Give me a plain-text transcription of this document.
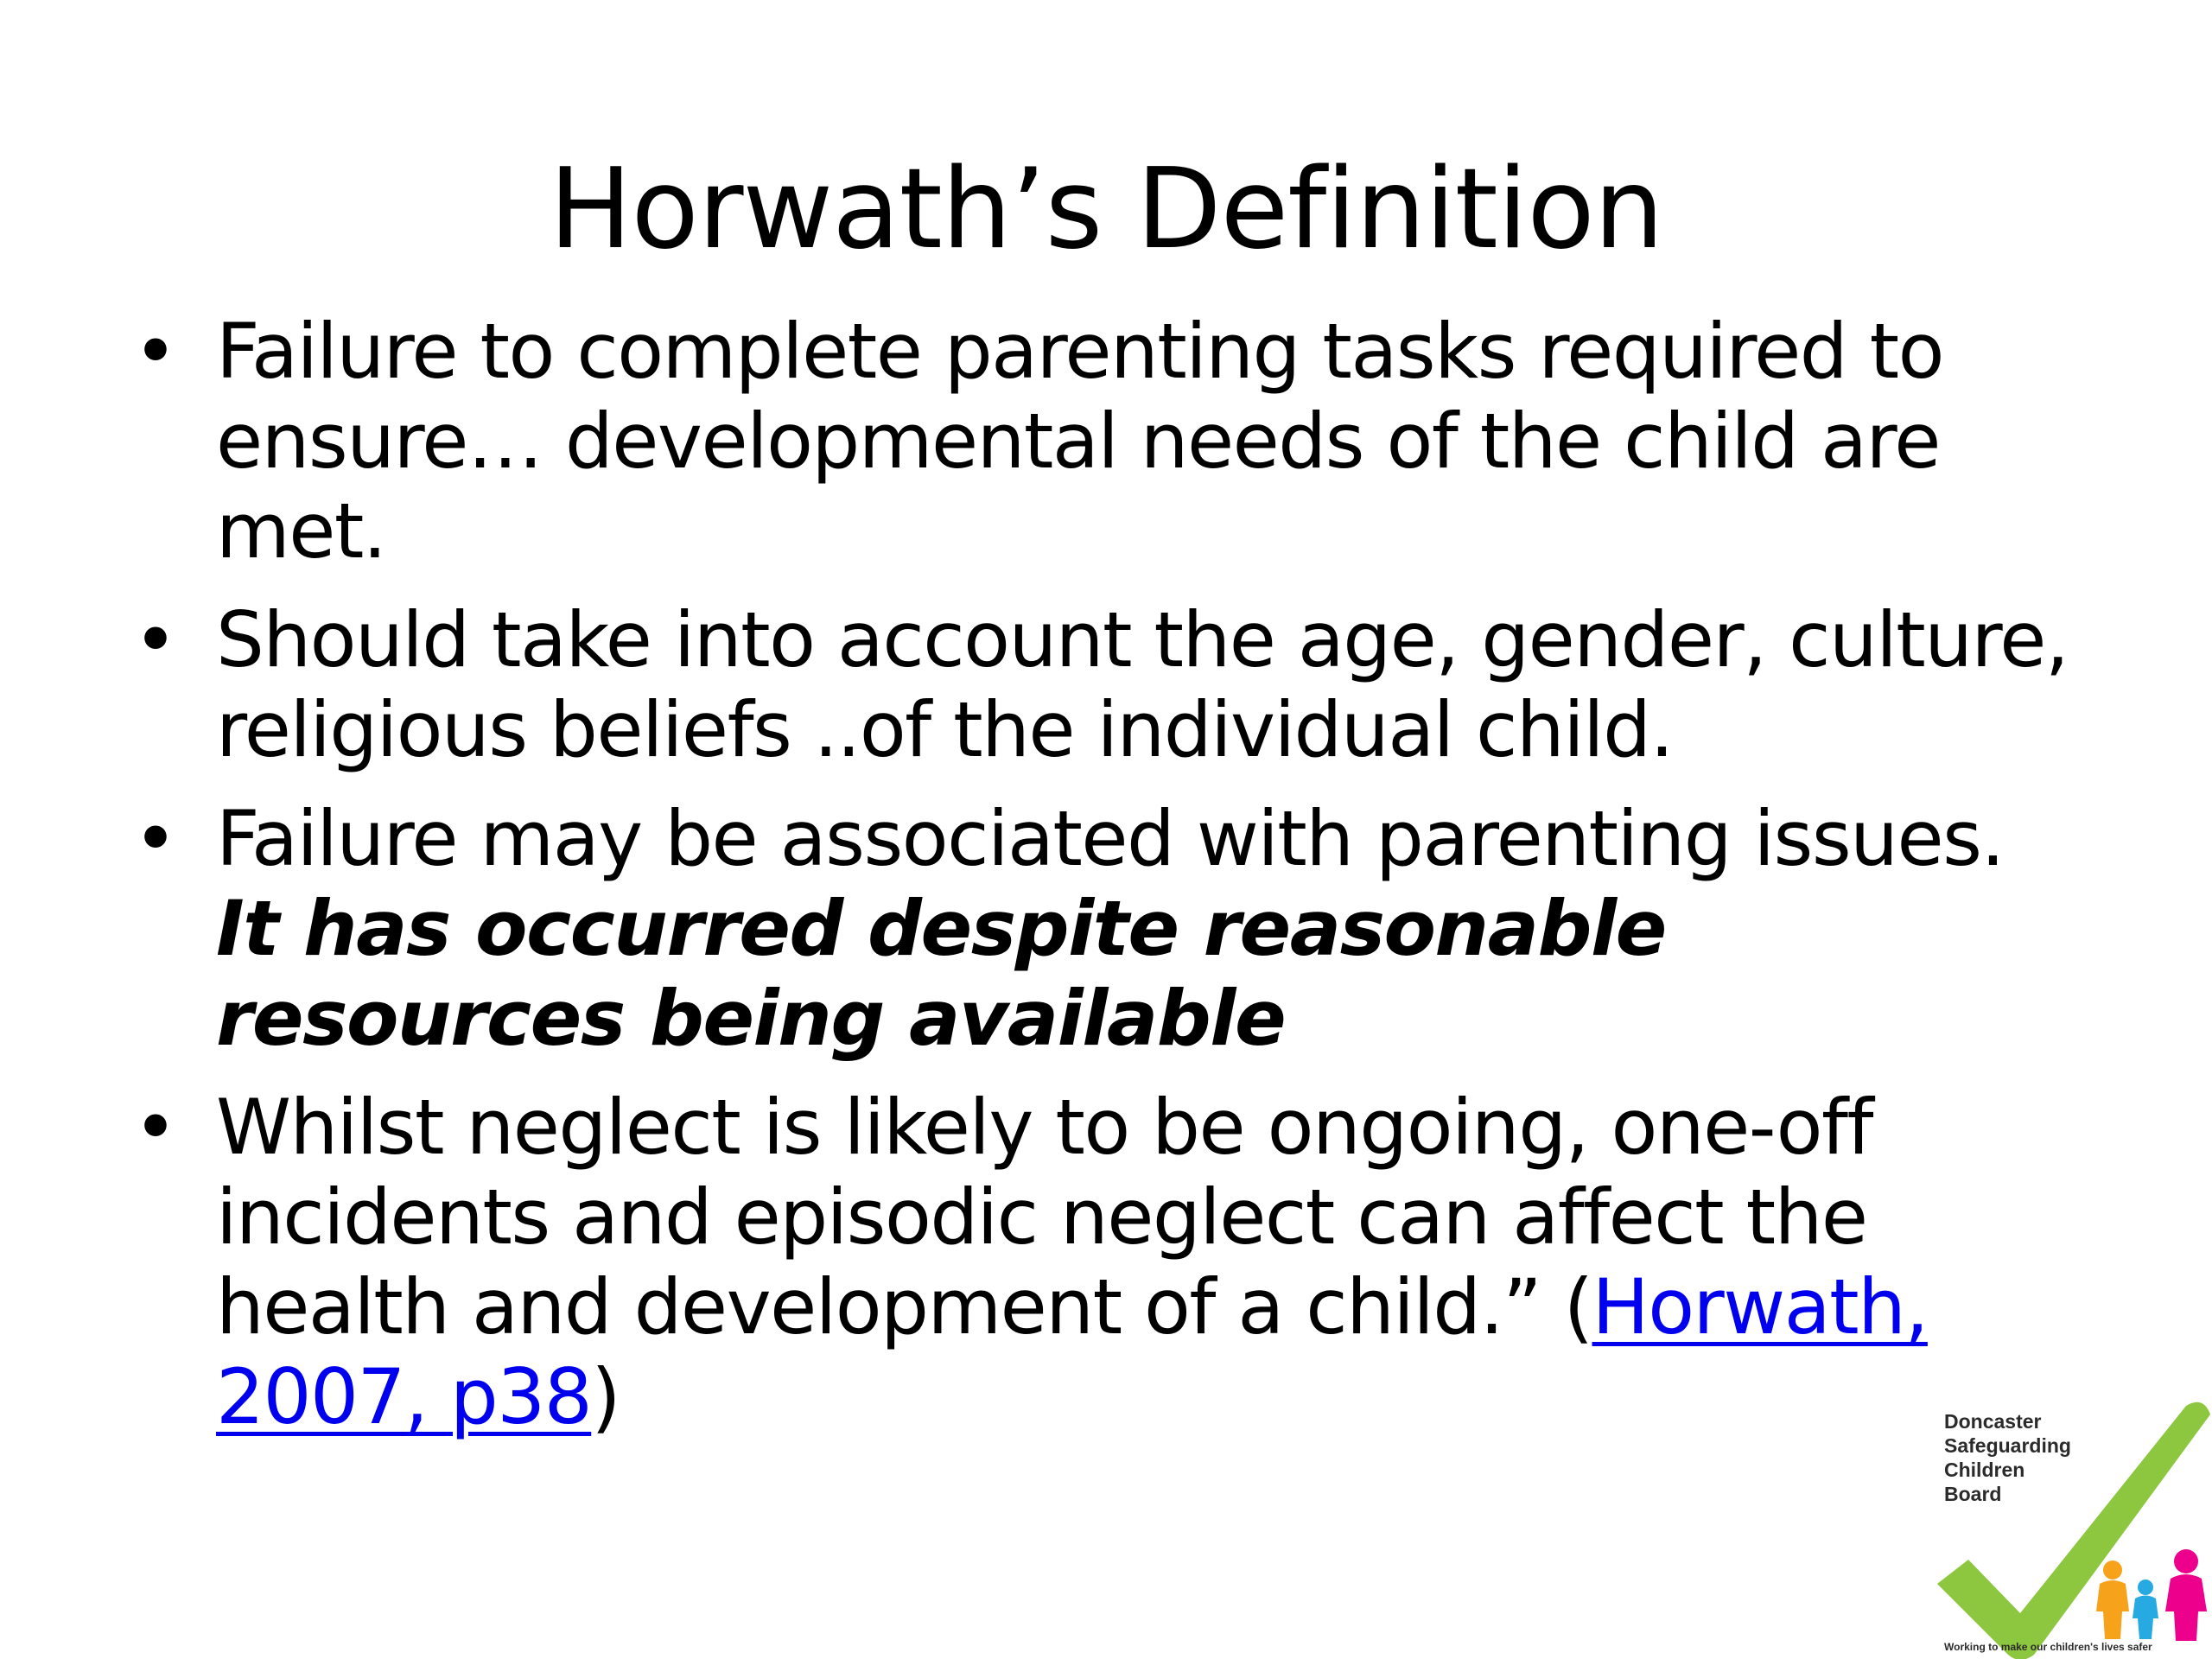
Horwath’s Definition
• Failure to complete parenting tasks required to ensure… developmental needs of the child are met.
• Should take into account the age, gender, culture, religious beliefs ..of the individual child.
• Failure may be associated with parenting issues. It has occurred despite reasonable resources being available
• Whilst neglect is likely to be ongoing, one-off incidents and episodic neglect can affect the health and development of a child.” (Horwath, 2007, p38)	Doncaster
Safeguarding
Children
Board
Working to make our children's lives safer
